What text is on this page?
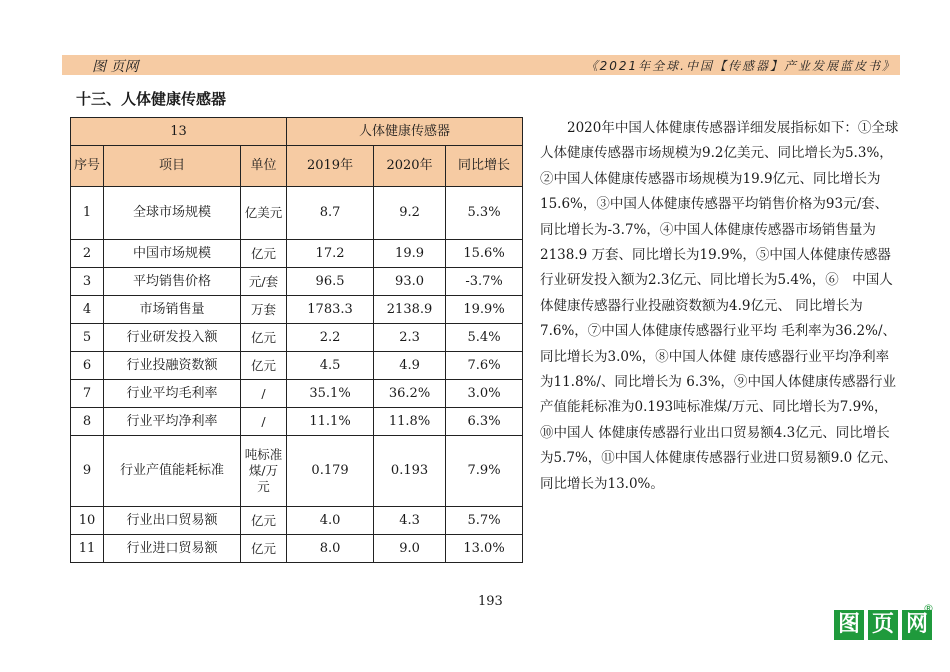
图 页网	《2021年全球.中国【传感器】产业发展蓝皮书》
十三、人体健康传感器
13			人体健康传感器		
序号	项目	单位	2019年	2020年	同比增长
1	全球市场规模	亿美元	8.7	9.2	5.3%
2	中国市场规模	亿元	17.2	19.9	15.6%
3	平均销售价格	元/套	96.5	93.0	-3.7%
4	市场销售量	万套	1783.3	2138.9	19.9%
5	行业研发投入额	亿元	2.2	2.3	5.4%
6	行业投融资数额	亿元	4.5	4.9	7.6%
7	行业平均毛利率	/	35.1%	36.2%	3.0%
8	行业平均净利率	/	11.1%	11.8%	6.3%
9	行业产值能耗标准	吨标准煤/万元	0.179	0.193	7.9%
10	行业出口贸易额	亿元	4.0	4.3	5.7%
11	行业进口贸易额	亿元	8.0	9.0	13.0%

　　2020年中国人体健康传感器详细发展指标如下：①全球人体健康传感器市场规模为9.2亿美元、同比增长为5.3%，②中国人体健康传感器市场规模为19.9亿元、同比增长为15.6%，③中国人体健康传感器平均销售价格为93元/套、同比增长为-3.7%，④中国人体健康传感器市场销售量为2138.9 万套、同比增长为19.9%，⑤中国人体健康传感器 行业研发投入额为2.3亿元、同比增长为5.4%，⑥　中国人体健康传感器行业投融资数额为4.9亿元、 同比增长为7.6%，⑦中国人体健康传感器行业平均 毛利率为36.2%/、同比增长为3.0%，⑧中国人体健 康传感器行业平均净利率为11.8%/、同比增长为 6.3%，⑨中国人体健康传感器行业产值能耗标准为0.193吨标准煤/万元、同比增长为7.9%，⑩中国人 体健康传感器行业出口贸易额4.3亿元、同比增长 为5.7%，⑪中国人体健康传感器行业进口贸易额9.0 亿元、同比增长为13.0%。

193
图 页 网
®
